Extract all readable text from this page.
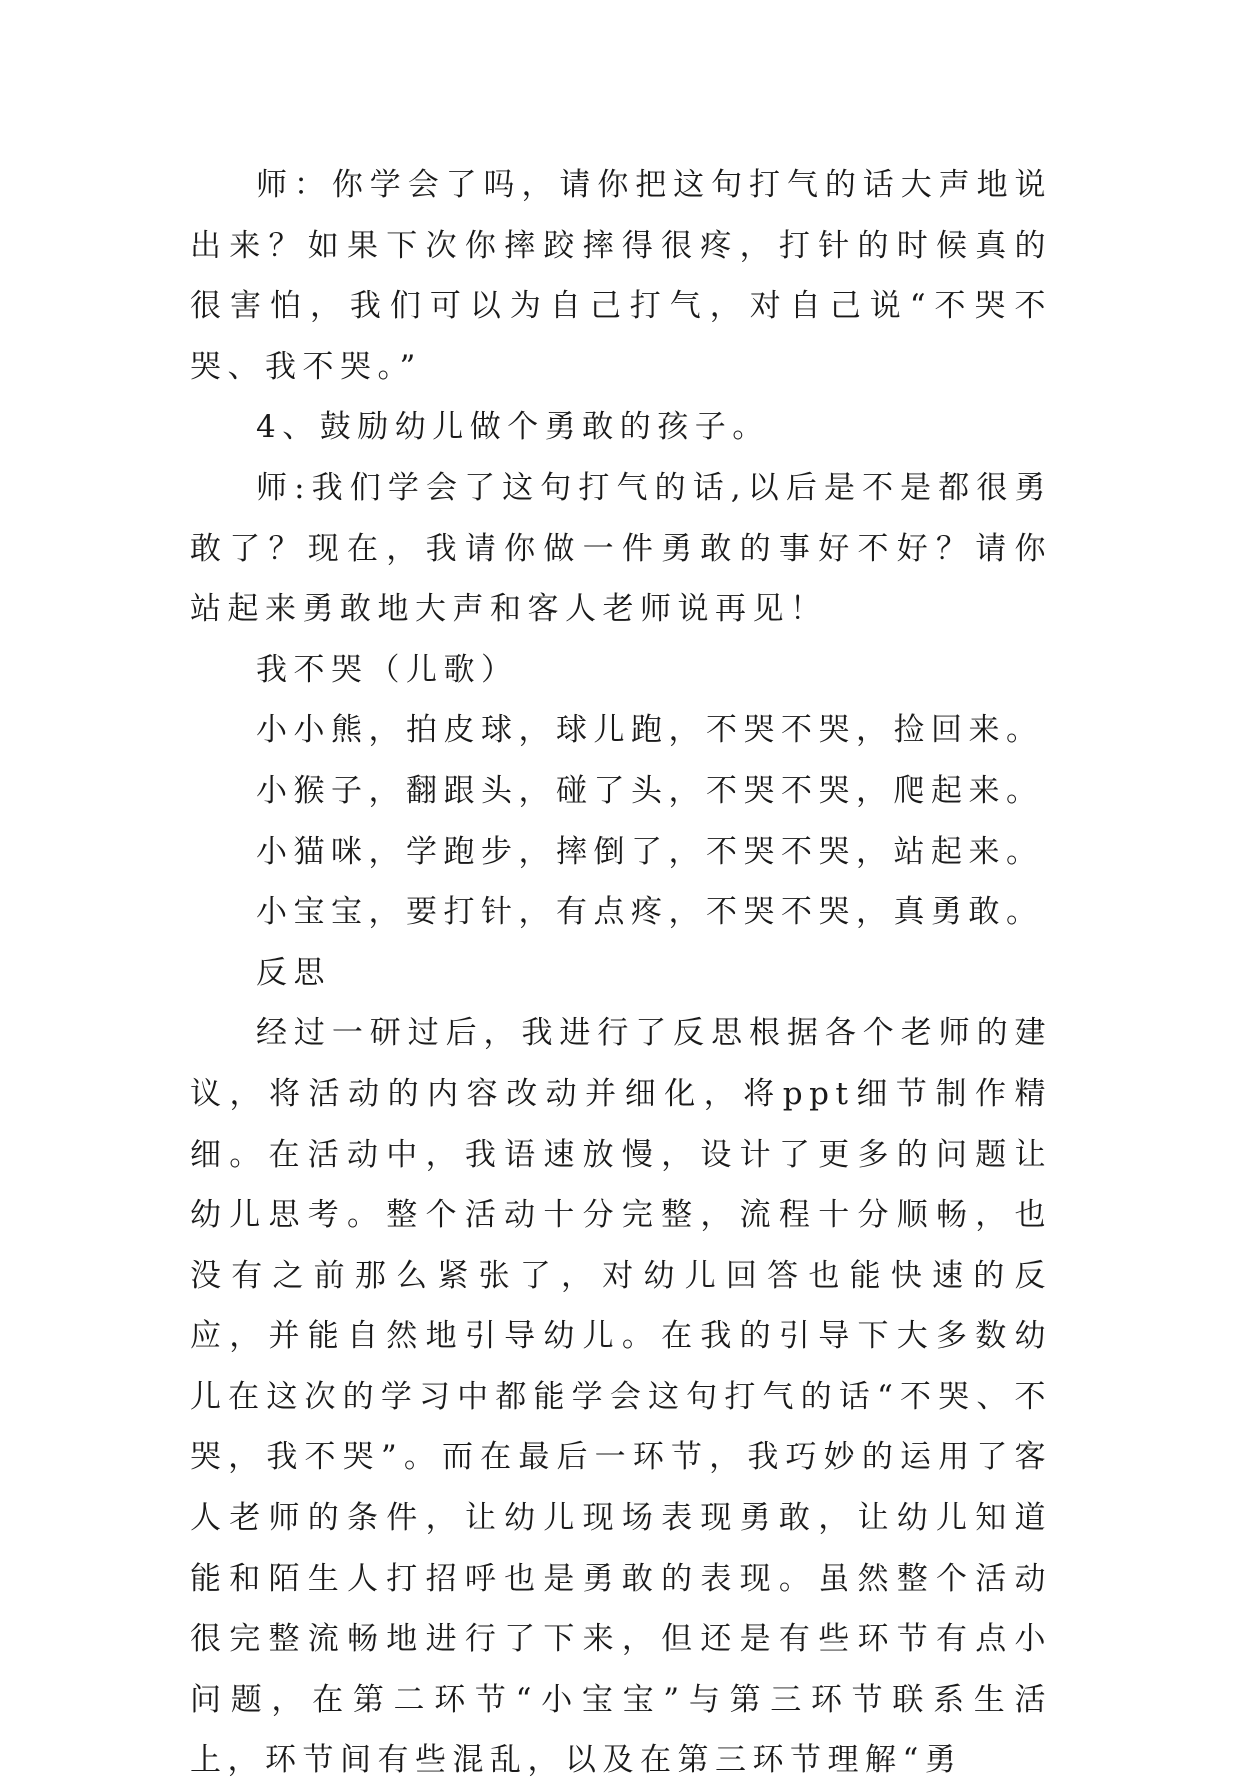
师：你学会了吗，请你把这句打气的话大声地说出来？如果下次你摔跤摔得很疼，打针的时候真的很害怕，我们可以为自己打气，对自己说“不哭不哭、我不哭。”

4、鼓励幼儿做个勇敢的孩子。

师:我们学会了这句打气的话,以后是不是都很勇敢了？现在，我请你做一件勇敢的事好不好？请你站起来勇敢地大声和客人老师说再见！

我不哭（儿歌）

小小熊，拍皮球，球儿跑，不哭不哭，捡回来。

小猴子，翻跟头，碰了头，不哭不哭，爬起来。

小猫咪，学跑步，摔倒了，不哭不哭，站起来。

小宝宝，要打针，有点疼，不哭不哭，真勇敢。

反思

经过一研过后，我进行了反思根据各个老师的建议，将活动的内容改动并细化，将ppt细节制作精细。在活动中，我语速放慢，设计了更多的问题让幼儿思考。整个活动十分完整，流程十分顺畅，也没有之前那么紧张了，对幼儿回答也能快速的反应，并能自然地引导幼儿。在我的引导下大多数幼儿在这次的学习中都能学会这句打气的话“不哭、不哭，我不哭”。而在最后一环节，我巧妙的运用了客人老师的条件，让幼儿现场表现勇敢，让幼儿知道能和陌生人打招呼也是勇敢的表现。虽然整个活动很完整流畅地进行了下来，但还是有些环节有点小问题，在第二环节“小宝宝”与第三环节联系生活上，环节间有些混乱，以及在第三环节理解“勇
